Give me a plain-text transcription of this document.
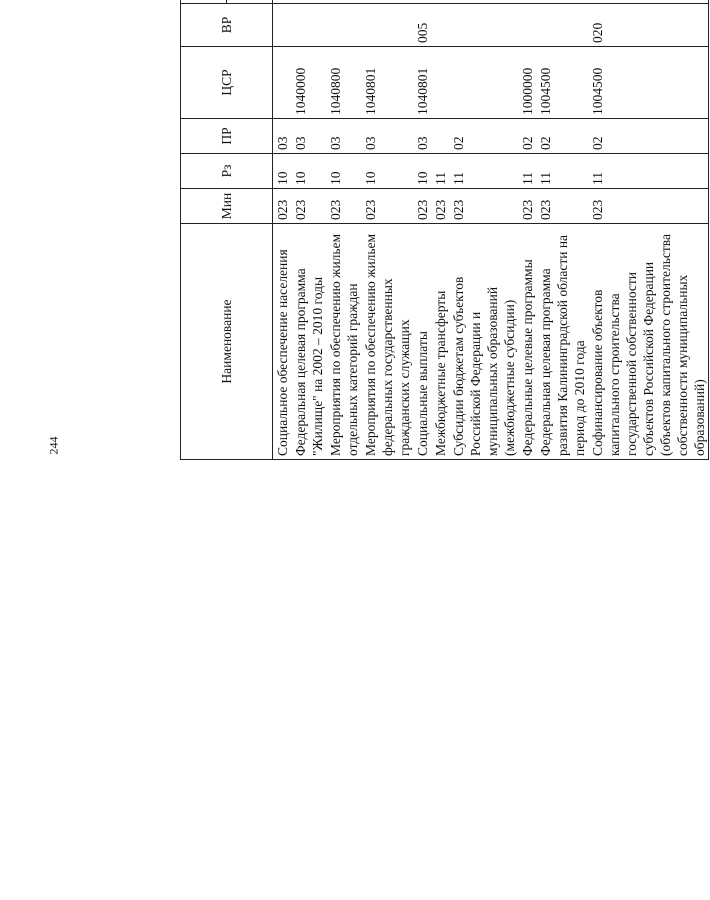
244
Наименование	Мин	Рз	ПР	ЦСР	ВР	

Социальное обеспечение населения	023	10	03				
Федеральная целевая программа "Жилище" на 2002 – 2010 годы	023	10	03	1040000			
Мероприятия по обеспечению жильем отдельных категорий граждан	023	10	03	1040800			
Мероприятия по обеспечению жильем федеральных государственных гражданских служащих	023	10	03	1040801			
Социальные выплаты	023	10	03	1040801	005		
Межбюджетные трансферты	023	11					
Субсидии бюджетам субъектов Российской Федерации и муниципальных образований (межбюджетные субсидии)	023	11	02				
Федеральные целевые программы	023	11	02	1000000			
Федеральная целевая программа развития Калининградской области на период до 2010 года	023	11	02	1004500			
Софинансирование объектов капитального строительства государственной собственности субъектов Российской Федерации (объектов капитального строительства собственности муниципальных образований)	023	11	02	1004500	020		
